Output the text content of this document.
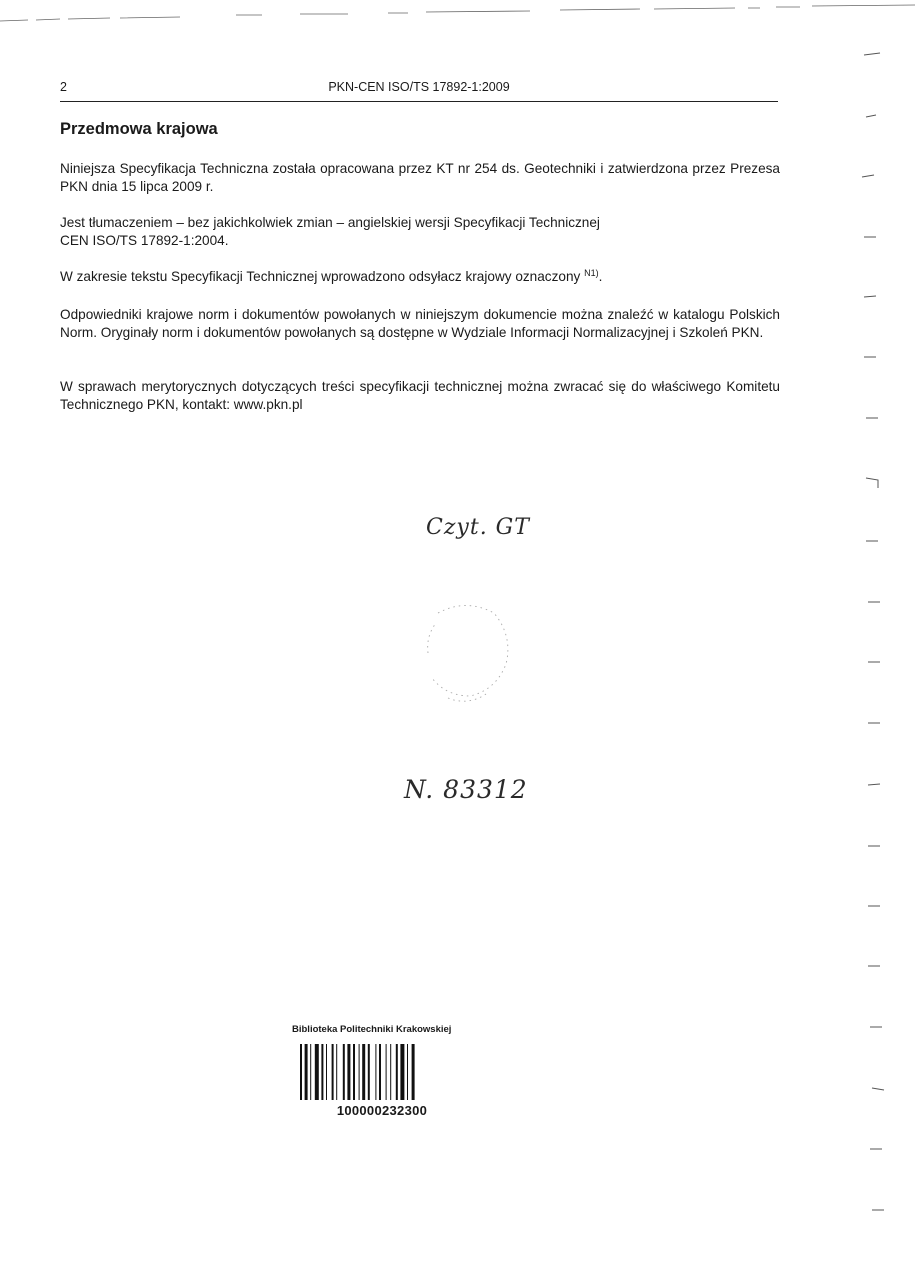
2	PKN-CEN ISO/TS 17892-1:2009
Przedmowa krajowa

Niniejsza Specyfikacja Techniczna została opracowana przez KT nr 254 ds. Geotechniki i zatwierdzona przez Prezesa PKN dnia 15 lipca 2009 r.

Jest tłumaczeniem – bez jakichkolwiek zmian – angielskiej wersji Specyfikacji Technicznej
CEN ISO/TS 17892-1:2004.

W zakresie tekstu Specyfikacji Technicznej wprowadzono odsyłacz krajowy oznaczony $^{N1)}$.

Odpowiedniki krajowe norm i dokumentów powołanych w niniejszym dokumencie można znaleźć w katalogu Polskich Norm. Oryginały norm i dokumentów powołanych są dostępne w Wydziale Informacji Normalizacyjnej i Szkoleń PKN.

W sprawach merytorycznych dotyczących treści specyfikacji technicznej można zwracać się do właściwego Komitetu Technicznego PKN, kontakt: www.pkn.pl

Czyt. GT
N. 83312
Biblioteka Politechniki Krakowskiej
100000232300
